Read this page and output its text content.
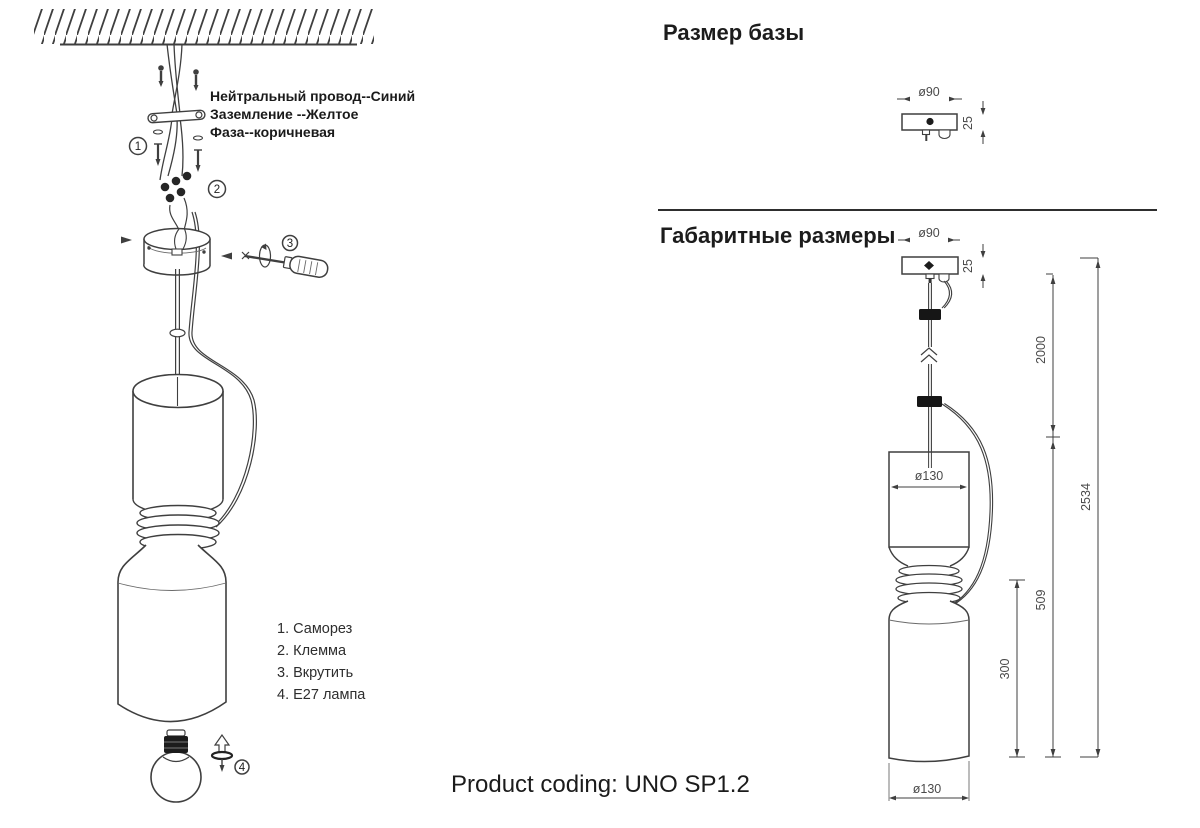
1
2
3
4
Нейтральный провод--Синий
Заземление --Желтое
Фаза--коричневая
1. Саморез
2. Клемма
3. Вкрутить
4. E27 лампа
Размер базы
ø90
25
Габаритные размеры ø90
25
ø130
ø130
300
2000
509
2534
Product coding: UNO SP1.2
